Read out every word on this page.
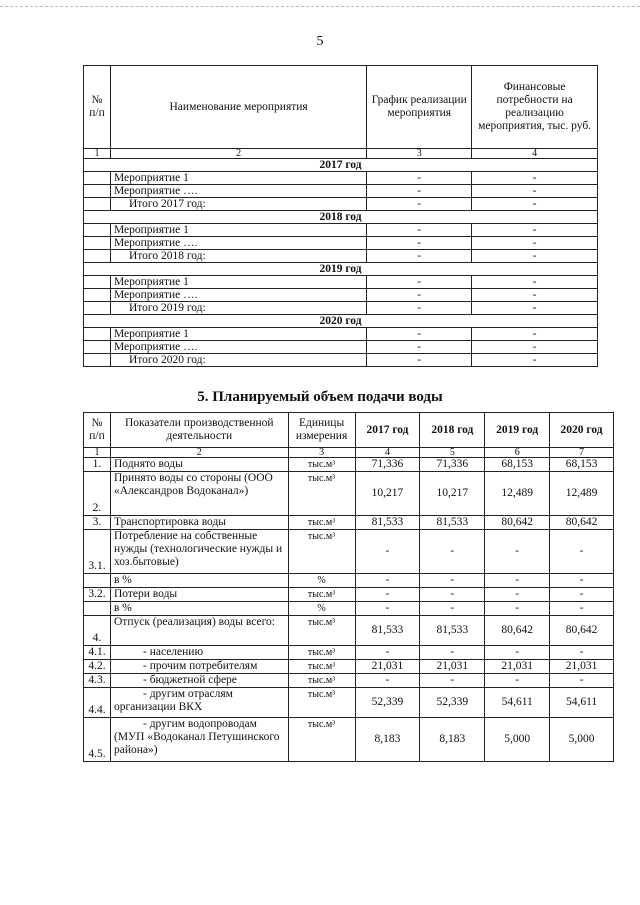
5
№ п/п	Наименование мероприятия	График реализации мероприятия	Финансовые потребности на реализацию мероприятия, тыс. руб.
1	2	3	4
2017 год			
	Мероприятие 1	-	-
	Мероприятие ….	-	-
	Итого 2017 год:	-	-
2018 год			
	Мероприятие 1	-	-
	Мероприятие ….	-	-
	Итого 2018 год:	-	-
2019 год			
	Мероприятие 1	-	-
	Мероприятие ….	-	-
	Итого 2019 год:	-	-
2020 год			
	Мероприятие 1	-	-
	Мероприятие ….	-	-
	Итого 2020 год:	-	-
5. Планируемый объем подачи воды
№ п/п	Показатели производственной деятельности	Единицы измерения	2017 год	2018 год	2019 год	2020 год
1	2	3	4	5	6	7
1.	Поднято воды	тыс.м³	71,336	71,336	68,153	68,153
2.	Принято воды со стороны (ООО «Александров Водоканал»)	тыс.м³	10,217	10,217	12,489	12,489
3.	Транспортировка воды	тыс.м³	81,533	81,533	80,642	80,642
3.1.	Потребление на собственные нужды (технологические нужды и хоз.бытовые)	тыс.м³	-	-	-	-
	в %	%	-	-	-	-
3.2.	Потери воды	тыс.м³	-	-	-	-
	в %	%	-	-	-	-
4.	Отпуск (реализация) воды всего:	тыс.м³	81,533	81,533	80,642	80,642
4.1.	- населению	тыс.м³	-	-	-	-
4.2.	- прочим потребителям	тыс.м³	21,031	21,031	21,031	21,031
4.3.	- бюджетной сфере	тыс.м³	-	-	-	-
4.4.	- другим отраслям организации ВКХ	тыс.м³	52,339	52,339	54,611	54,611
4.5.	- другим водопроводам (МУП «Водоканал Петушинского района»)	тыс.м³	8,183	8,183	5,000	5,000
